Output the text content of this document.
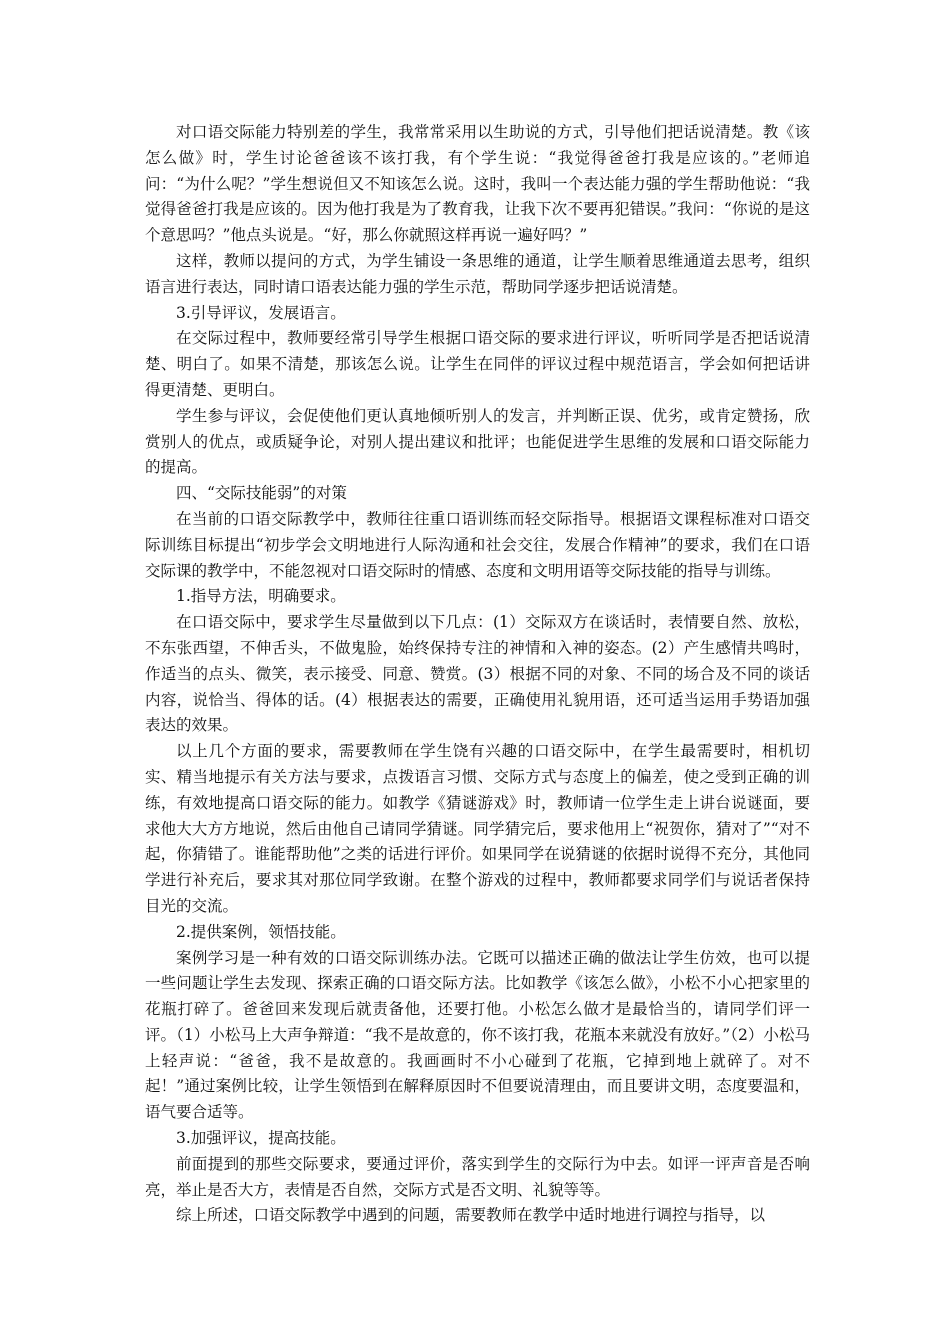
对口语交际能力特别差的学生，我常常采用以生助说的方式，引导他们把话说清楚。教《该怎么做》时，学生讨论爸爸该不该打我，有个学生说：“我觉得爸爸打我是应该的。”老师追问：“为什么呢？”学生想说但又不知该怎么说。这时，我叫一个表达能力强的学生帮助他说：“我觉得爸爸打我是应该的。因为他打我是为了教育我，让我下次不要再犯错误。”我问：“你说的是这个意思吗？”他点头说是。“好，那么你就照这样再说一遍好吗？”

这样，教师以提问的方式，为学生铺设一条思维的通道，让学生顺着思维通道去思考，组织语言进行表达，同时请口语表达能力强的学生示范，帮助同学逐步把话说清楚。

3.引导评议，发展语言。

在交际过程中，教师要经常引导学生根据口语交际的要求进行评议，听听同学是否把话说清楚、明白了。如果不清楚，那该怎么说。让学生在同伴的评议过程中规范语言，学会如何把话讲得更清楚、更明白。

学生参与评议，会促使他们更认真地倾听别人的发言，并判断正误、优劣，或肯定赞扬，欣赏别人的优点，或质疑争论，对别人提出建议和批评；也能促进学生思维的发展和口语交际能力的提高。

四、“交际技能弱”的对策

在当前的口语交际教学中，教师往往重口语训练而轻交际指导。根据语文课程标准对口语交际训练目标提出“初步学会文明地进行人际沟通和社会交往，发展合作精神”的要求，我们在口语交际课的教学中，不能忽视对口语交际时的情感、态度和文明用语等交际技能的指导与训练。

1.指导方法，明确要求。

在口语交际中，要求学生尽量做到以下几点：(1）交际双方在谈话时，表情要自然、放松，不东张西望，不伸舌头，不做鬼脸，始终保持专注的神情和入神的姿态。(2）产生感情共鸣时，作适当的点头、微笑，表示接受、同意、赞赏。(3）根据不同的对象、不同的场合及不同的谈话内容，说恰当、得体的话。(4）根据表达的需要，正确使用礼貌用语，还可适当运用手势语加强表达的效果。

以上几个方面的要求，需要教师在学生饶有兴趣的口语交际中，在学生最需要时，相机切实、精当地提示有关方法与要求，点拨语言习惯、交际方式与态度上的偏差，使之受到正确的训练，有效地提高口语交际的能力。如教学《猜谜游戏》时，教师请一位学生走上讲台说谜面，要求他大大方方地说，然后由他自己请同学猜谜。同学猜完后，要求他用上“祝贺你，猜对了”“对不起，你猜错了。谁能帮助他”之类的话进行评价。如果同学在说猜谜的依据时说得不充分，其他同学进行补充后，要求其对那位同学致谢。在整个游戏的过程中，教师都要求同学们与说话者保持目光的交流。

2.提供案例，领悟技能。

案例学习是一种有效的口语交际训练办法。它既可以描述正确的做法让学生仿效，也可以提一些问题让学生去发现、探索正确的口语交际方法。比如教学《该怎么做》，小松不小心把家里的花瓶打碎了。爸爸回来发现后就责备他，还要打他。小松怎么做才是最恰当的，请同学们评一评。（1）小松马上大声争辩道：“我不是故意的，你不该打我，花瓶本来就没有放好。”（2）小松马上轻声说：“爸爸，我不是故意的。我画画时不小心碰到了花瓶，它掉到地上就碎了。对不起！”通过案例比较，让学生领悟到在解释原因时不但要说清理由，而且要讲文明，态度要温和，语气要合适等。

3.加强评议，提高技能。

前面提到的那些交际要求，要通过评价，落实到学生的交际行为中去。如评一评声音是否响亮，举止是否大方，表情是否自然，交际方式是否文明、礼貌等等。

综上所述，口语交际教学中遇到的问题，需要教师在教学中适时地进行调控与指导，以
